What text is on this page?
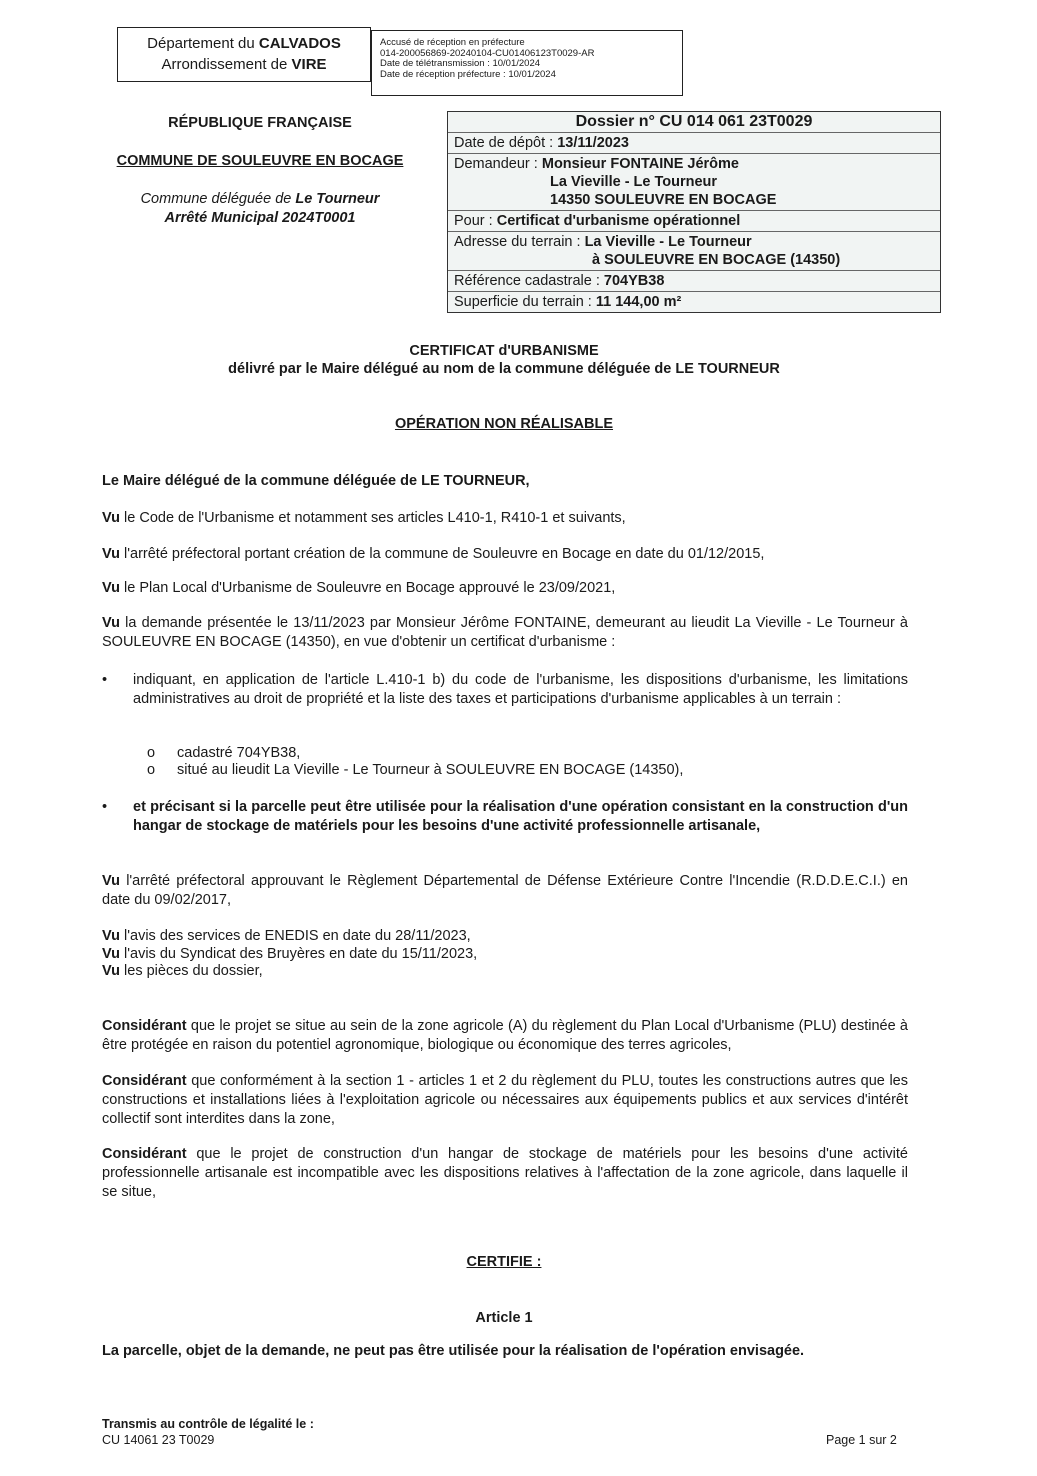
Département du CALVADOS
Arrondissement de VIRE
Accusé de réception en préfecture
014-200056869-20240104-CU01406123T0029-AR
Date de télétransmission : 10/01/2024
Date de réception préfecture : 10/01/2024
RÉPUBLIQUE FRANÇAISE
COMMUNE DE SOULEUVRE EN BOCAGE
Commune déléguée de Le Tourneur
Arrêté Municipal 2024T0001
Dossier n° CU 014 061 23T0029
Date de dépôt : 13/11/2023
Demandeur : Monsieur FONTAINE Jérôme
La Vieville - Le Tourneur
14350 SOULEUVRE EN BOCAGE
Pour : Certificat d'urbanisme opérationnel
Adresse du terrain : La Vieville - Le Tourneur
à SOULEUVRE EN BOCAGE (14350)
Référence cadastrale : 704YB38
Superficie du terrain : 11 144,00 m²
CERTIFICAT d'URBANISME
délivré par le Maire délégué au nom de la commune déléguée de LE TOURNEUR
OPÉRATION NON RÉALISABLE
Le Maire délégué de la commune déléguée de LE TOURNEUR,
Vu le Code de l'Urbanisme et notamment ses articles L410-1, R410-1 et suivants,
Vu l'arrêté préfectoral portant création de la commune de Souleuvre en Bocage en date du 01/12/2015,
Vu le Plan Local d'Urbanisme de Souleuvre en Bocage approuvé le 23/09/2021,
Vu la demande présentée le 13/11/2023 par Monsieur Jérôme FONTAINE, demeurant au lieudit La Vieville - Le Tourneur à SOULEUVRE EN BOCAGE (14350), en vue d'obtenir un certificat d'urbanisme :
• indiquant, en application de l'article L.410-1 b) du code de l'urbanisme, les dispositions d'urbanisme, les limitations administratives au droit de propriété et la liste des taxes et participations d'urbanisme applicables à un terrain :
o cadastré 704YB38,
o situé au lieudit La Vieville - Le Tourneur à SOULEUVRE EN BOCAGE (14350),
• et précisant si la parcelle peut être utilisée pour la réalisation d'une opération consistant en la construction d'un hangar de stockage de matériels pour les besoins d'une activité professionnelle artisanale,
Vu l'arrêté préfectoral approuvant le Règlement Départemental de Défense Extérieure Contre l'Incendie (R.D.D.E.C.I.) en date du 09/02/2017,
Vu l'avis des services de ENEDIS en date du 28/11/2023,
Vu l'avis du Syndicat des Bruyères en date du 15/11/2023,
Vu les pièces du dossier,
Considérant que le projet se situe au sein de la zone agricole (A) du règlement du Plan Local d'Urbanisme (PLU) destinée à être protégée en raison du potentiel agronomique, biologique ou économique des terres agricoles,
Considérant que conformément à la section 1 - articles 1 et 2 du règlement du PLU, toutes les constructions autres que les constructions et installations liées à l'exploitation agricole ou nécessaires aux équipements publics et aux services d'intérêt collectif sont interdites dans la zone,
Considérant que le projet de construction d'un hangar de stockage de matériels pour les besoins d'une activité professionnelle artisanale est incompatible avec les dispositions relatives à l'affectation de la zone agricole, dans laquelle il se situe,
CERTIFIE :
Article 1
La parcelle, objet de la demande, ne peut pas être utilisée pour la réalisation de l'opération envisagée.
Transmis au contrôle de légalité le :
CU 14061 23 T0029	Page 1 sur 2
